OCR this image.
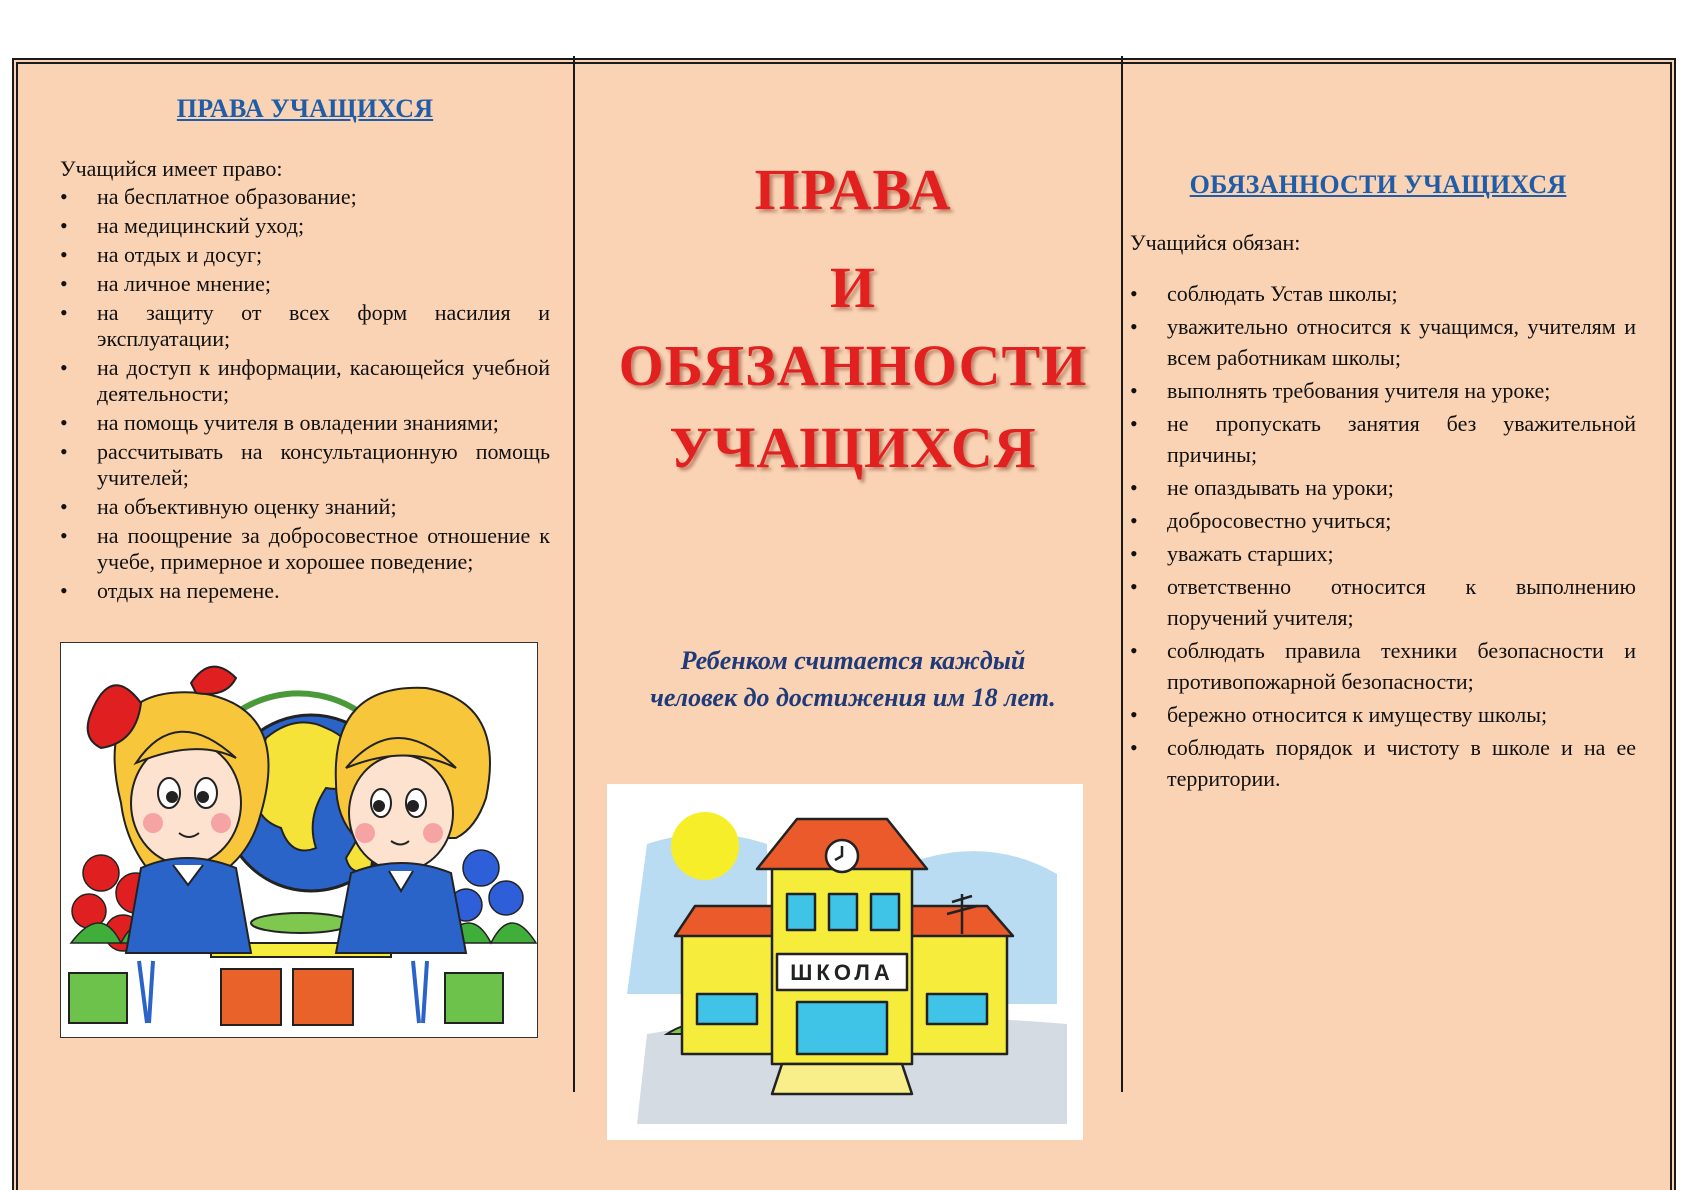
ПРАВА УЧАЩИХСЯ

Учащийся имеет право:

• на бесплатное образование;
• на медицинский уход;
• на отдых и досуг;
• на личное мнение;
• на защиту от всех форм насилия и эксплуатации;
• на доступ к информации, касающейся учебной деятельности;
• на помощь учителя в овладении знаниями;
• рассчитывать на консультационную помощь учителей;
• на объективную оценку знаний;
• на поощрение за добросовестное отношение к учебе, примерное и хорошее поведение;
• отдых на перемене.
ПРАВА
И
ОБЯЗАННОСТИ
УЧАЩИХСЯ
Ребенком считается каждый
человек до достижения им 18 лет.
ШКОЛА
ОБЯЗАННОСТИ УЧАЩИХСЯ

Учащийся обязан:

• соблюдать Устав школы;
• уважительно относится к учащимся, учителям и всем работникам школы;
• выполнять требования учителя на уроке;
• не пропускать занятия без уважительной причины;
• не опаздывать на уроки;
• добросовестно учиться;
• уважать старших;
• ответственно относится к выполнению поручений учителя;
• соблюдать правила техники безопасности и противопожарной безопасности;
• бережно относится к имуществу школы;
• соблюдать порядок и чистоту в школе и на ее территории.
